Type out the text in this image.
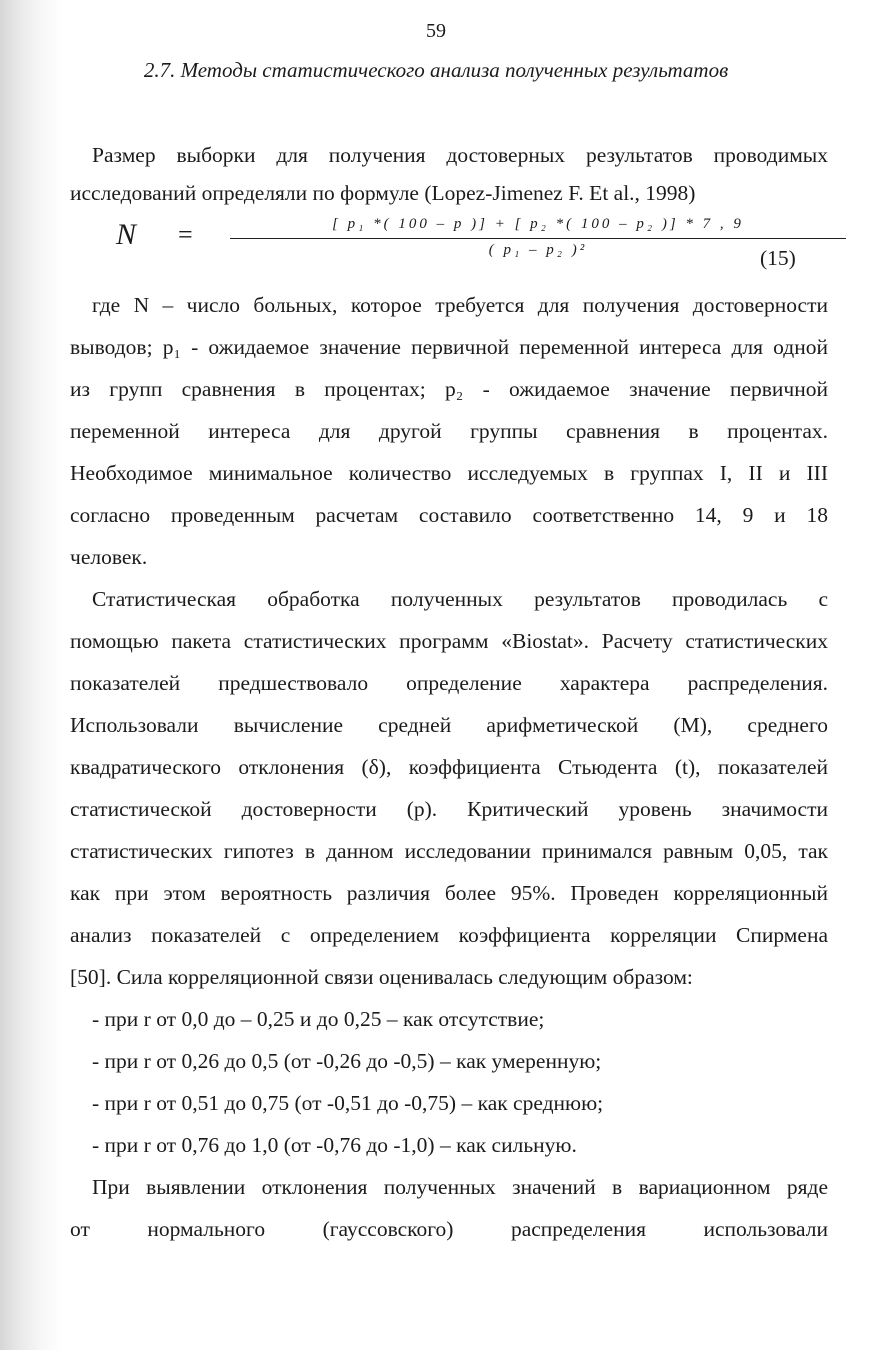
59
2.7. Методы статистического анализа полученных результатов
Размер выборки для получения достоверных результатов проводимых
исследований определяли по формуле (Lopez-Jimenez F. Et al., 1998)
N =	[ p₁ *( 100 – p )] + [ p₂ *( 100 – p₂ )] * 7 , 9
( p₁ – p₂ )²	(15)
где N – число больных, которое требуется для получения достоверности
выводов; p₁ - ожидаемое значение первичной переменной интереса для одной
из групп сравнения в процентах; p₂ - ожидаемое значение первичной
переменной интереса для другой группы сравнения в процентах.
Необходимое минимальное количество исследуемых в группах I, II и III
согласно проведенным расчетам составило соответственно 14, 9 и 18
человек.
Статистическая обработка полученных результатов проводилась с
помощью пакета статистических программ «Biostat». Расчету статистических
показателей предшествовало определение характера распределения.
Использовали вычисление средней арифметической (M), среднего
квадратического отклонения (δ), коэффициента Стьюдента (t), показателей
статистической достоверности (p). Критический уровень значимости
статистических гипотез в данном исследовании принимался равным 0,05, так
как при этом вероятность различия более 95%. Проведен корреляционный
анализ показателей с определением коэффициента корреляции Спирмена
[50]. Сила корреляционной связи оценивалась следующим образом:
- при r от 0,0 до – 0,25 и до 0,25 – как отсутствие;
- при r от 0,26 до 0,5 (от -0,26 до -0,5) – как умеренную;
- при r от 0,51 до 0,75 (от -0,51 до -0,75) – как среднюю;
- при r от 0,76 до 1,0 (от -0,76 до -1,0) – как сильную.
При выявлении отклонения полученных значений в вариационном ряде
от нормального (гауссовского) распределения использовали
